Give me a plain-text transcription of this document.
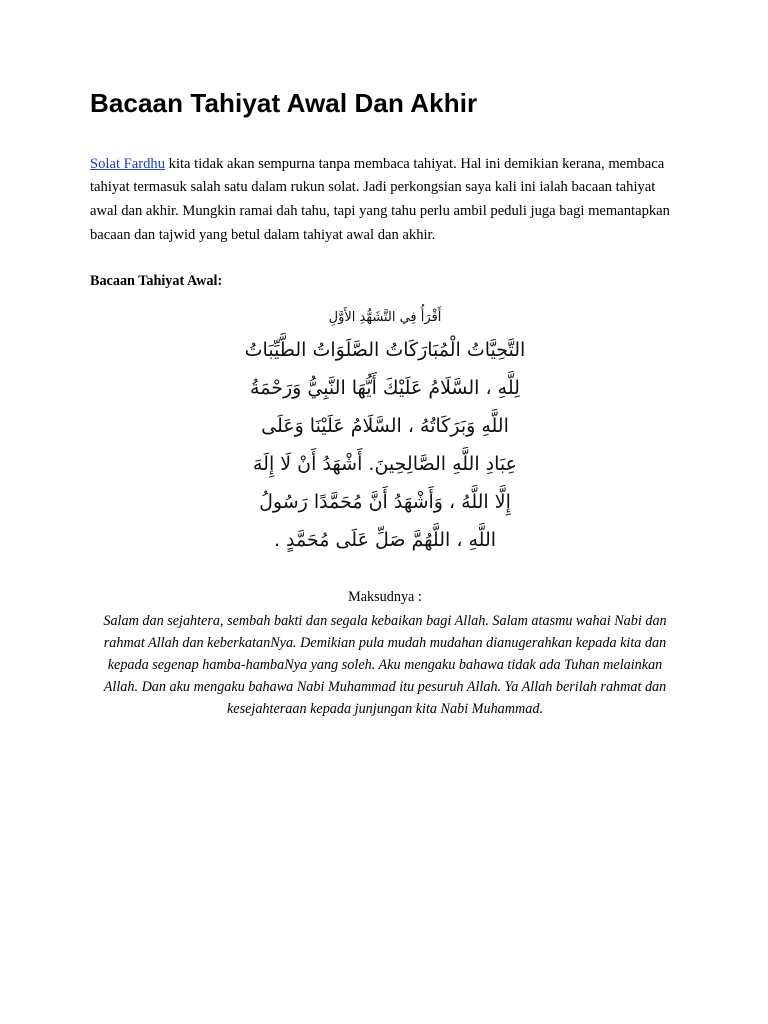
Bacaan Tahiyat Awal Dan Akhir

Solat Fardhu kita tidak akan sempurna tanpa membaca tahiyat. Hal ini demikian kerana, membaca tahiyat termasuk salah satu dalam rukun solat. Jadi perkongsian saya kali ini ialah bacaan tahiyat awal dan akhir. Mungkin ramai dah tahu, tapi yang tahu perlu ambil peduli juga bagi memantapkan bacaan dan tajwid yang betul dalam tahiyat awal dan akhir.

Bacaan Tahiyat Awal:

أَقْرَأُ فِي التَّشَهُّدِ الأَوَّلِ
التَّحِيَّاتُ الْمُبَارَكَاتُ الصَّلَوَاتُ الطَّيِّبَاتُ
لِلَّهِ ، السَّلَامُ عَلَيْكَ أَيُّهَا النَّبِيُّ وَرَحْمَةُ
اللَّهِ وَبَرَكَاتُهُ ، السَّلَامُ عَلَيْنَا وَعَلَى
عِبَادِ اللَّهِ الصَّالِحِينَ. أَشْهَدُ أَنْ لَا إِلَهَ
إِلَّا اللَّهُ ، وَأَشْهَدُ أَنَّ مُحَمَّدًا رَسُولُ
اللَّهِ ، اللَّهُمَّ صَلِّ عَلَى مُحَمَّدٍ .

Maksudnya :

Salam dan sejahtera, sembah bakti dan segala kebaikan bagi Allah. Salam atasmu wahai Nabi dan rahmat Allah dan keberkatanNya. Demikian pula mudah mudahan dianugerahkan kepada kita dan kepada segenap hamba-hambaNya yang soleh. Aku mengaku bahawa tidak ada Tuhan melainkan Allah. Dan aku mengaku bahawa Nabi Muhammad itu pesuruh Allah. Ya Allah berilah rahmat dan kesejahteraan kepada junjungan kita Nabi Muhammad.
